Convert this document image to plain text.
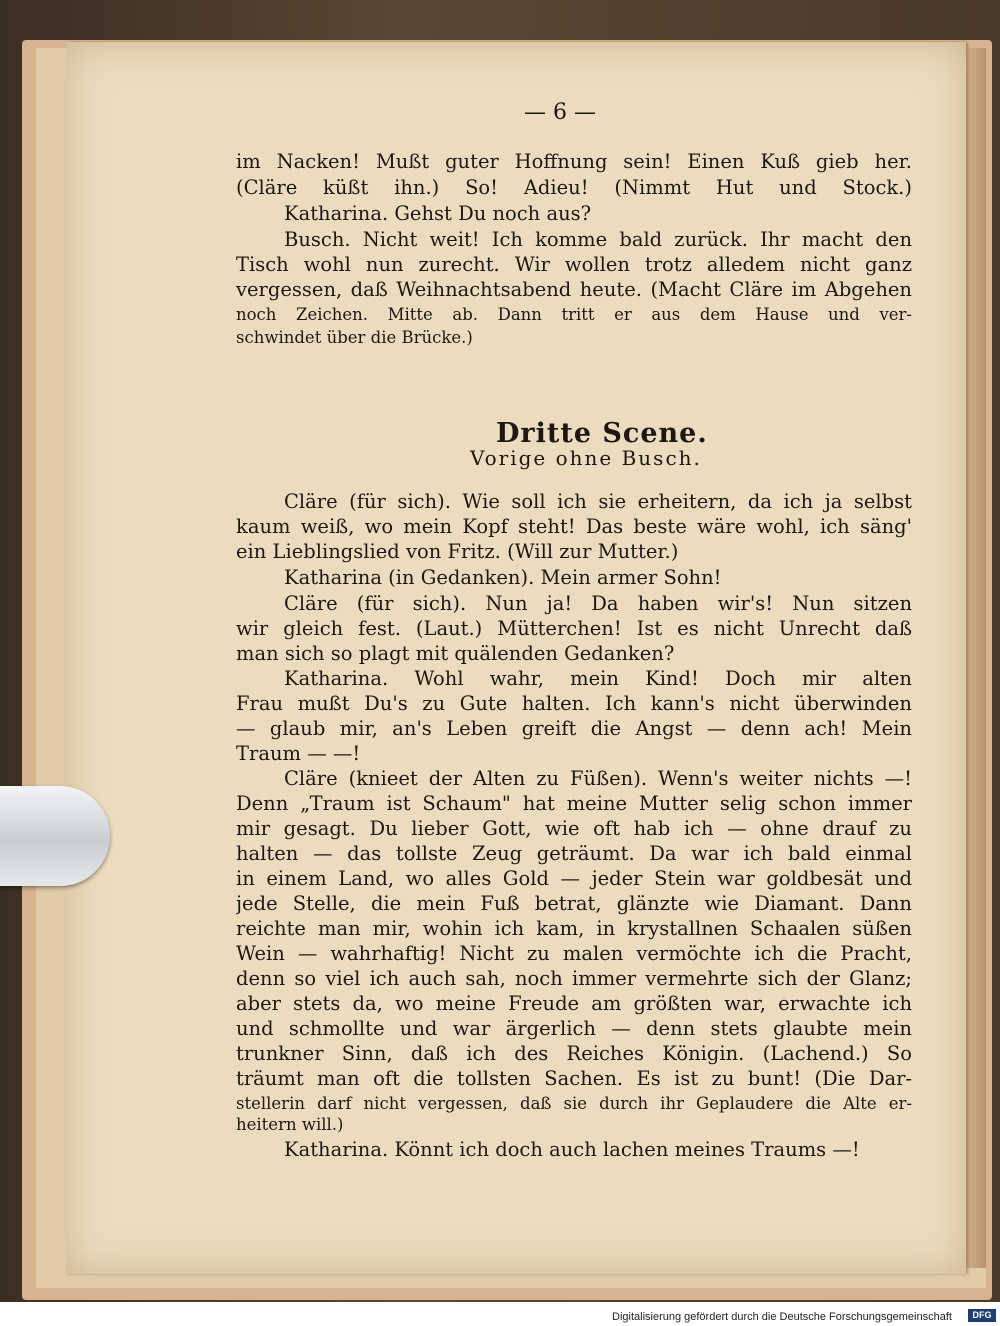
— 6 —
im Nacken! Mußt guter Hoffnung sein! Einen Kuß gieb her.
(Cläre küßt ihn.) So! Adieu! (Nimmt Hut und Stock.)
Katharina. Gehst Du noch aus?
Busch. Nicht weit! Ich komme bald zurück. Ihr macht den
Tisch wohl nun zurecht. Wir wollen trotz alledem nicht ganz
vergessen, daß Weihnachtsabend heute. (Macht Cläre im Abgehen
noch Zeichen. Mitte ab. Dann tritt er aus dem Hause und ver-
schwindet über die Brücke.)
Dritte Scene.
Vorige ohne Busch.
Cläre (für sich). Wie soll ich sie erheitern, da ich ja selbst
kaum weiß, wo mein Kopf steht! Das beste wäre wohl, ich säng'
ein Lieblingslied von Fritz. (Will zur Mutter.)
Katharina (in Gedanken). Mein armer Sohn!
Cläre (für sich). Nun ja! Da haben wir's! Nun sitzen
wir gleich fest. (Laut.) Mütterchen! Ist es nicht Unrecht daß
man sich so plagt mit quälenden Gedanken?
Katharina. Wohl wahr, mein Kind! Doch mir alten
Frau mußt Du's zu Gute halten. Ich kann's nicht überwinden
— glaub mir, an's Leben greift die Angst — denn ach! Mein
Traum — —!
Cläre (knieet der Alten zu Füßen). Wenn's weiter nichts —!
Denn „Traum ist Schaum" hat meine Mutter selig schon immer
mir gesagt. Du lieber Gott, wie oft hab ich — ohne drauf zu
halten — das tollste Zeug geträumt. Da war ich bald einmal
in einem Land, wo alles Gold — jeder Stein war goldbesät und
jede Stelle, die mein Fuß betrat, glänzte wie Diamant. Dann
reichte man mir, wohin ich kam, in krystallnen Schaalen süßen
Wein — wahrhaftig! Nicht zu malen vermöchte ich die Pracht,
denn so viel ich auch sah, noch immer vermehrte sich der Glanz;
aber stets da, wo meine Freude am größten war, erwachte ich
und schmollte und war ärgerlich — denn stets glaubte mein
trunkner Sinn, daß ich des Reiches Königin. (Lachend.) So
träumt man oft die tollsten Sachen. Es ist zu bunt! (Die Dar-
stellerin darf nicht vergessen, daß sie durch ihr Geplaudere die Alte er-
heitern will.)
Katharina. Könnt ich doch auch lachen meines Traums —!
Digitalisierung gefördert durch die Deutsche Forschungsgemeinschaft	DFG
